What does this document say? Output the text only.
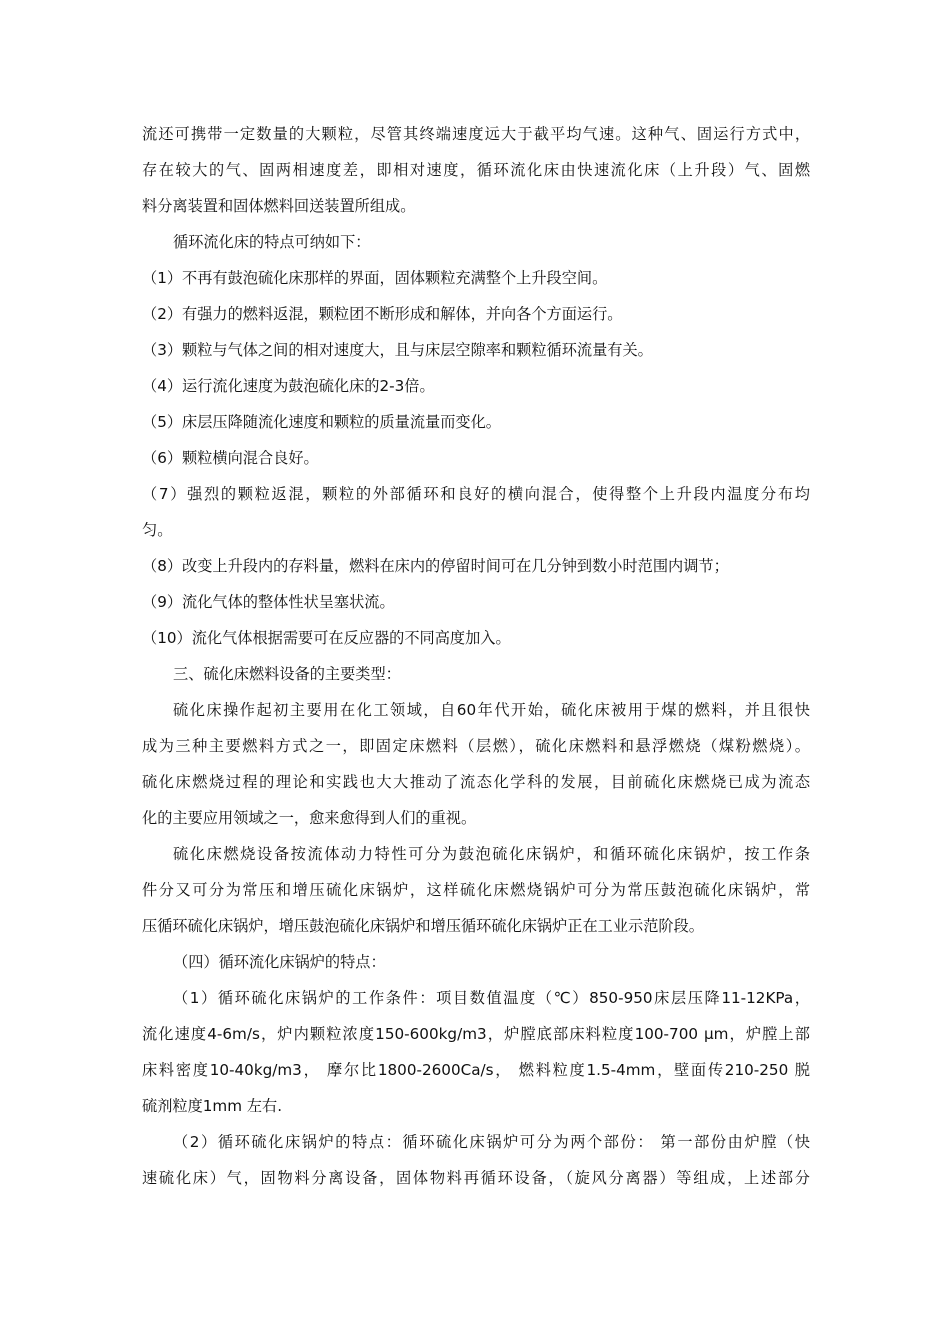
流还可携带一定数量的大颗粒，尽管其终端速度远大于截平均气速。这种气、固运行方式中，
存在较大的气、固两相速度差，即相对速度，循环流化床由快速流化床（上升段）气、固燃
料分离装置和固体燃料回送装置所组成。
循环流化床的特点可纳如下：
（1）不再有鼓泡硫化床那样的界面，固体颗粒充满整个上升段空间。
（2）有强力的燃料返混，颗粒团不断形成和解体，并向各个方面运行。
（3）颗粒与气体之间的相对速度大，且与床层空隙率和颗粒循环流量有关。
（4）运行流化速度为鼓泡硫化床的2-3倍。
（5）床层压降随流化速度和颗粒的质量流量而变化。
（6）颗粒横向混合良好。
（7）强烈的颗粒返混，颗粒的外部循环和良好的横向混合，使得整个上升段内温度分布均
匀。
（8）改变上升段内的存料量，燃料在床内的停留时间可在几分钟到数小时范围内调节；
（9）流化气体的整体性状呈塞状流。
（10）流化气体根据需要可在反应器的不同高度加入。
三、硫化床燃料设备的主要类型：
硫化床操作起初主要用在化工领域，自60年代开始，硫化床被用于煤的燃料，并且很快
成为三种主要燃料方式之一，即固定床燃料（层燃），硫化床燃料和悬浮燃烧（煤粉燃烧）。
硫化床燃烧过程的理论和实践也大大推动了流态化学科的发展，目前硫化床燃烧已成为流态
化的主要应用领域之一，愈来愈得到人们的重视。
硫化床燃烧设备按流体动力特性可分为鼓泡硫化床锅炉，和循环硫化床锅炉，按工作条
件分又可分为常压和增压硫化床锅炉，这样硫化床燃烧锅炉可分为常压鼓泡硫化床锅炉，常
压循环硫化床锅炉，增压鼓泡硫化床锅炉和增压循环硫化床锅炉正在工业示范阶段。
（四）循环流化床锅炉的特点：
（1）循环硫化床锅炉的工作条件：项目数值温度（℃）850-950床层压降11-12KPa，
流化速度4-6m/s，炉内颗粒浓度150-600kg/m3，炉膛底部床料粒度100-700 μm，炉膛上部
床料密度10-40kg/m3， 摩尔比1800-2600Ca/s， 燃料粒度1.5-4mm，壁面传210-250 脱
硫剂粒度1mm 左右.
（2）循环硫化床锅炉的特点：循环硫化床锅炉可分为两个部份： 第一部份由炉膛（快
速硫化床）气，固物料分离设备，固体物料再循环设备，（旋风分离器）等组成，上述部分
